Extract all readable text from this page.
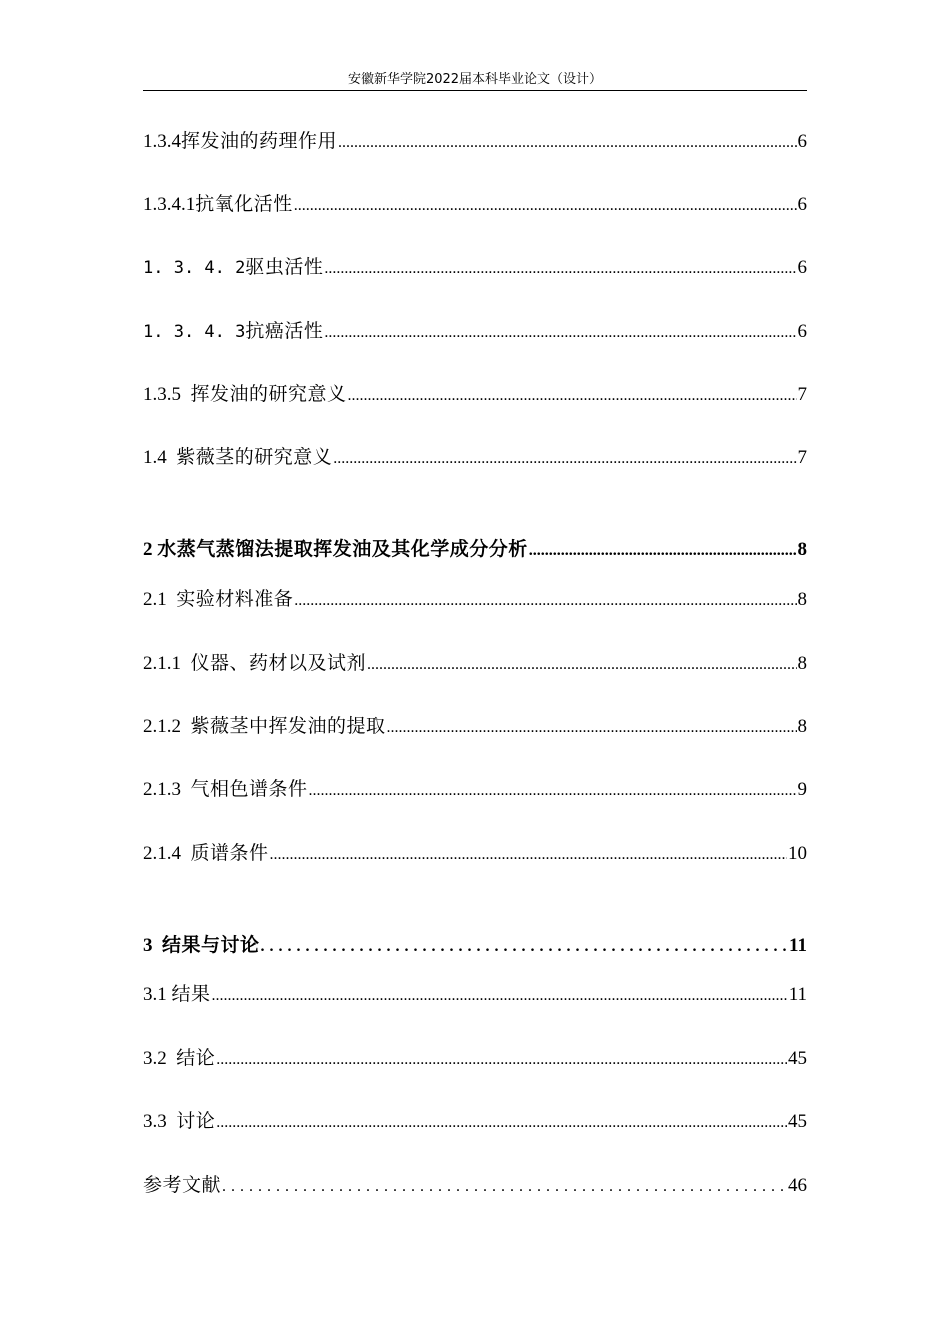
安徽新华学院2022届本科毕业论文（设计）
1.3.4 挥发油的药理作用 .....	6
1.3.4.1 抗氧化活性 .....	6
1. 3. 4. 2 驱虫活性 .....	6
1. 3. 4. 3 抗癌活性 .....	6
1.3.5 挥发油的研究意义 .....	7
1.4 紫薇茎的研究意义 .....	7
2 水蒸气蒸馏法提取挥发油及其化学成分分析 .....	8
2.1 实验材料准备 .....	8
2.1.1 仪器、药材以及试剂 .....	8
2.1.2 紫薇茎中挥发油的提取 .....	8
2.1.3 气相色谱条件 .....	9
2.1.4 质谱条件 .....	10
3 结果与讨论 .....	11
3.1 结果 .....	11
3.2 结论 .....	45
3.3 讨论 .....	45
参考文献 .....	46
